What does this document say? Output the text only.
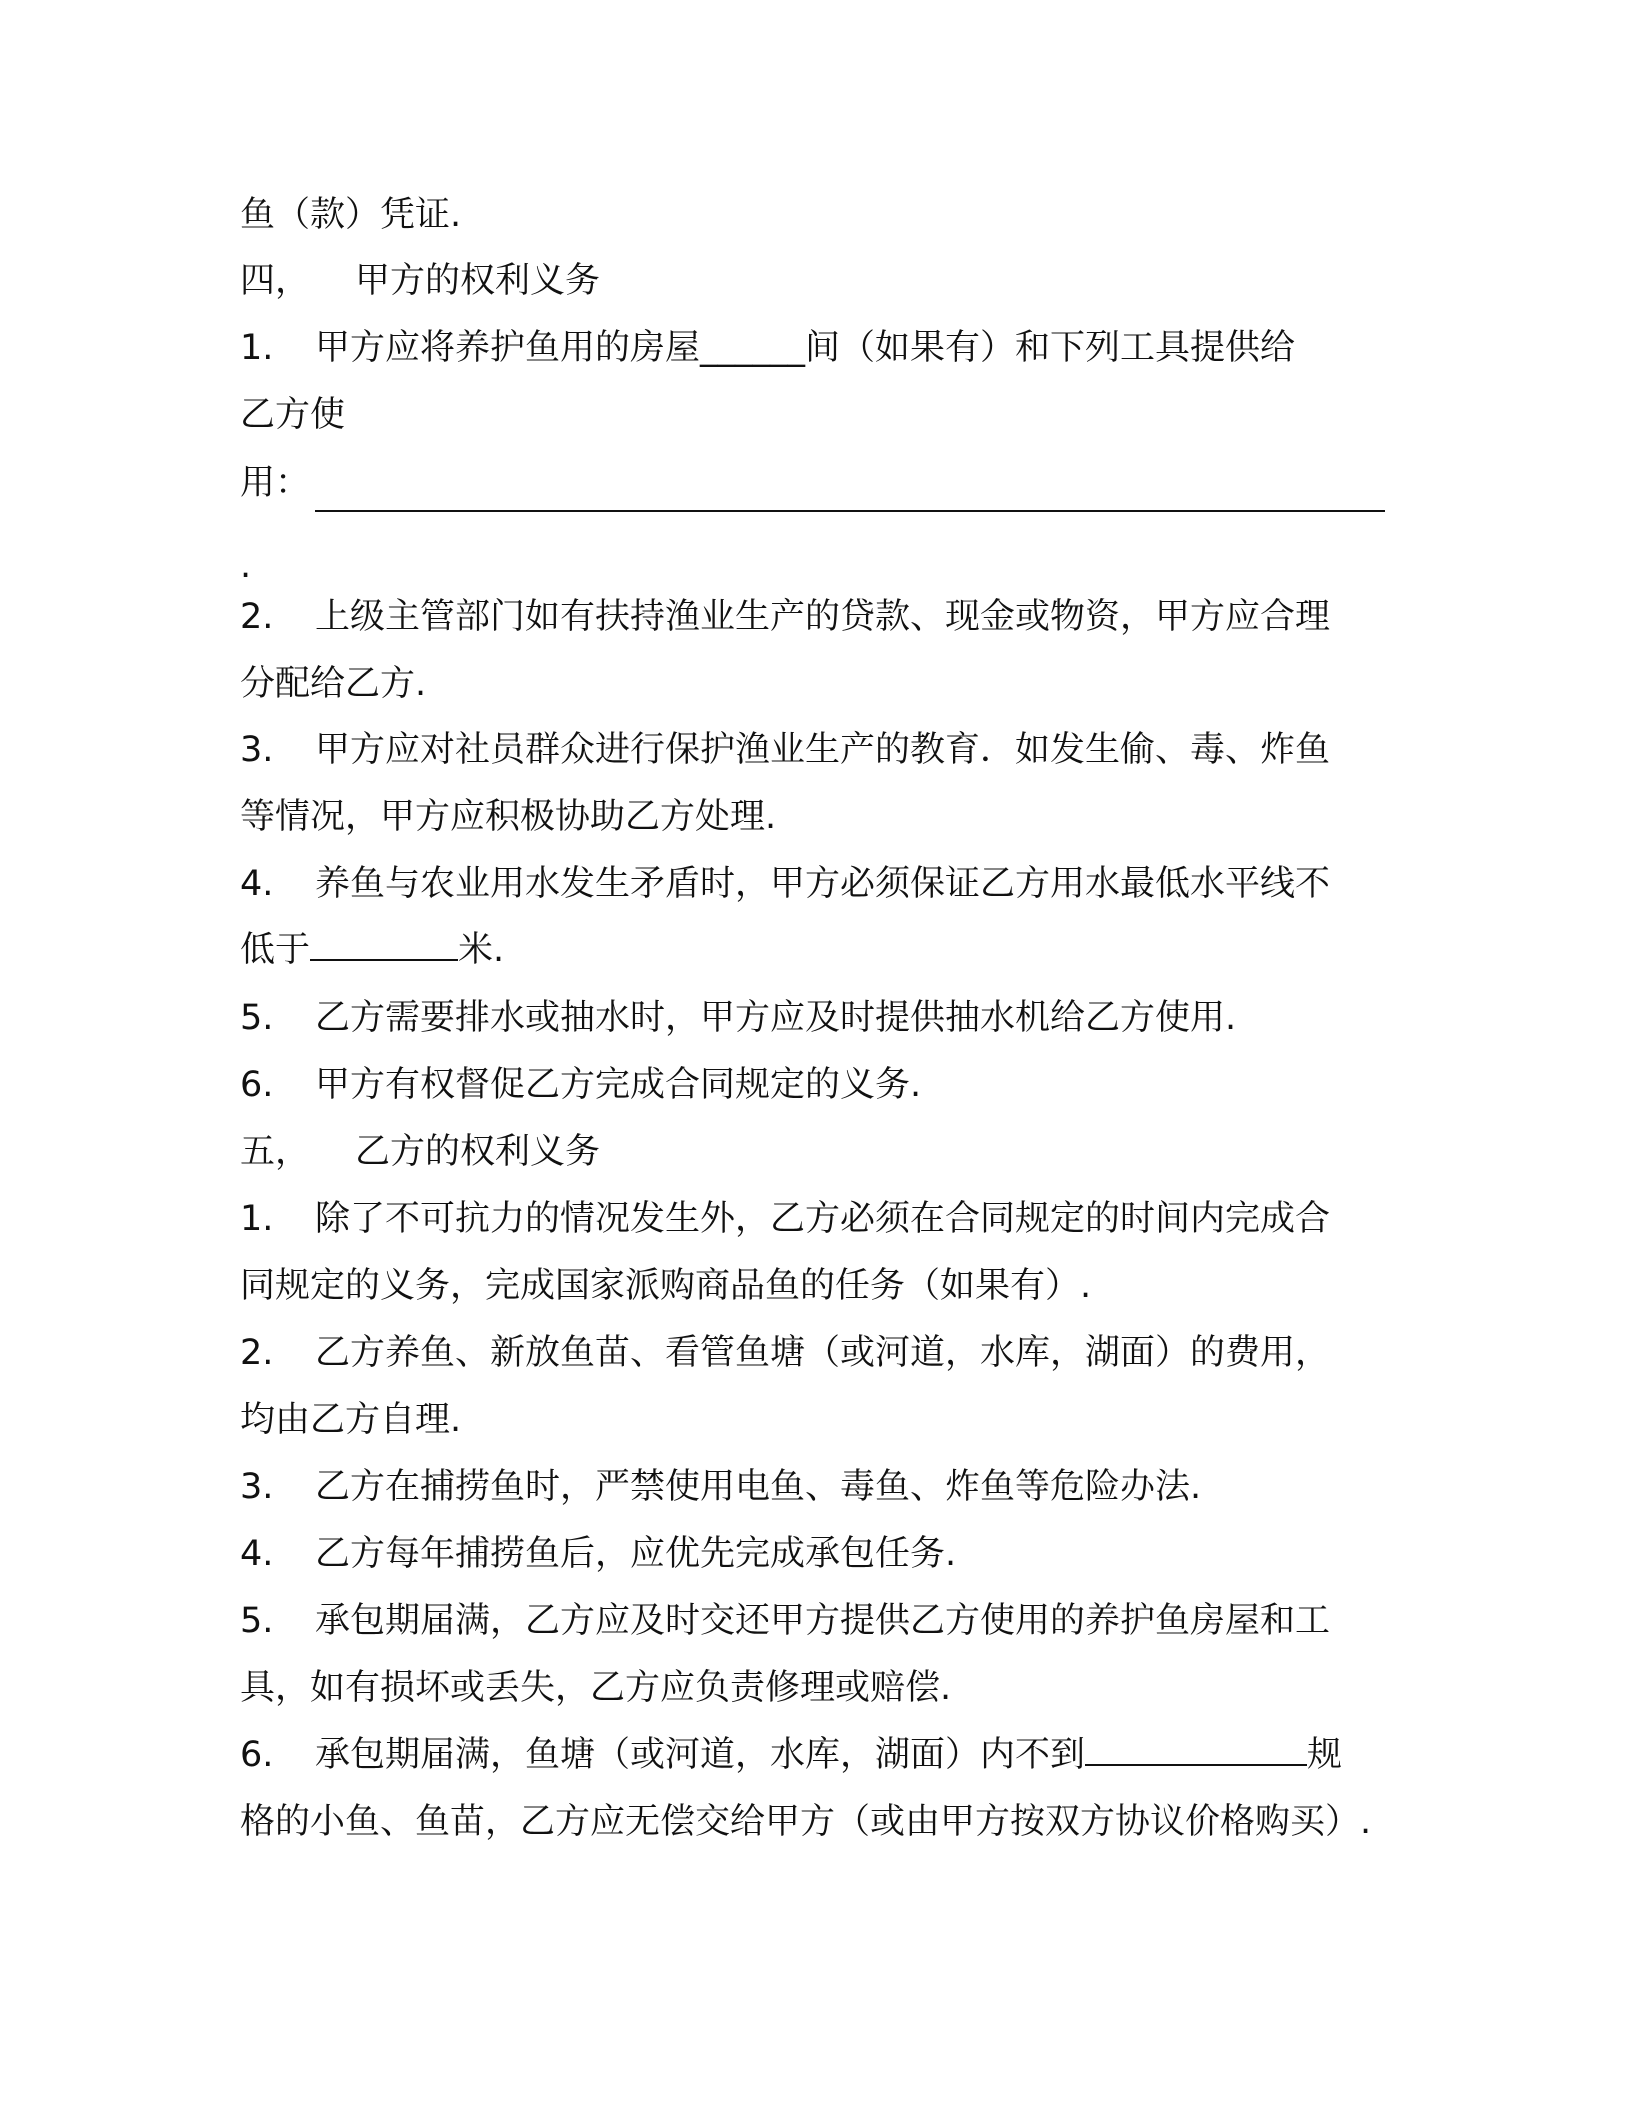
鱼（款）凭证.
四， 甲方的权利义务
1. 甲方应将养护鱼用的房屋______间（如果有）和下列工具提供给
乙方使
用：
.
2. 上级主管部门如有扶持渔业生产的贷款、现金或物资，甲方应合理
分配给乙方.
3. 甲方应对社员群众进行保护渔业生产的教育．如发生偷、毒、炸鱼
等情况，甲方应积极协助乙方处理.
4. 养鱼与农业用水发生矛盾时，甲方必须保证乙方用水最低水平线不
低于	米.
5. 乙方需要排水或抽水时，甲方应及时提供抽水机给乙方使用.
6. 甲方有权督促乙方完成合同规定的义务.
五， 乙方的权利义务
1. 除了不可抗力的情况发生外，乙方必须在合同规定的时间内完成合
同规定的义务，完成国家派购商品鱼的任务（如果有）.
2. 乙方养鱼、新放鱼苗、看管鱼塘（或河道，水库，湖面）的费用，
均由乙方自理.
3. 乙方在捕捞鱼时，严禁使用电鱼、毒鱼、炸鱼等危险办法.
4. 乙方每年捕捞鱼后，应优先完成承包任务.
5. 承包期届满，乙方应及时交还甲方提供乙方使用的养护鱼房屋和工
具，如有损坏或丢失，乙方应负责修理或赔偿.
6. 承包期届满，鱼塘（或河道，水库，湖面）内不到	规
格的小鱼、鱼苗，乙方应无偿交给甲方（或由甲方按双方协议价格购买）.
